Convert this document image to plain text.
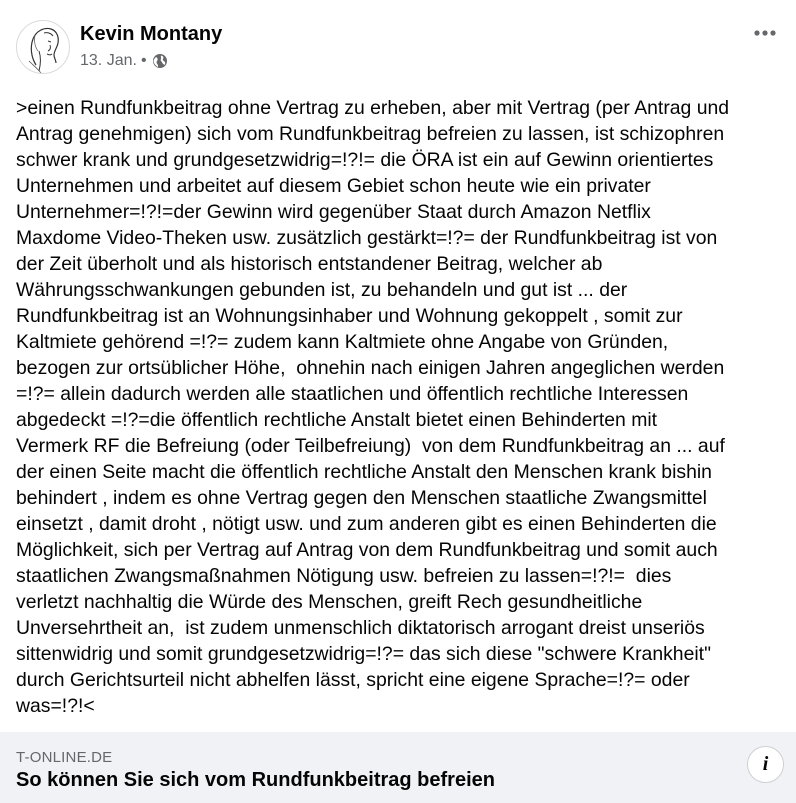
Kevin Montany
13. Jan. •
>einen Rundfunkbeitrag ohne Vertrag zu erheben, aber mit Vertrag (per Antrag und
Antrag genehmigen) sich vom Rundfunkbeitrag befreien zu lassen, ist schizophren
schwer krank und grundgesetzwidrig=!?!= die ÖRA ist ein auf Gewinn orientiertes
Unternehmen und arbeitet auf diesem Gebiet schon heute wie ein privater
Unternehmer=!?!=der Gewinn wird gegenüber Staat durch Amazon Netflix
Maxdome Video-Theken usw. zusätzlich gestärkt=!?= der Rundfunkbeitrag ist von
der Zeit überholt und als historisch entstandener Beitrag, welcher ab
Währungsschwankungen gebunden ist, zu behandeln und gut ist ... der
Rundfunkbeitrag ist an Wohnungsinhaber und Wohnung gekoppelt , somit zur
Kaltmiete gehörend =!?= zudem kann Kaltmiete ohne Angabe von Gründen,
bezogen zur ortsüblicher Höhe,  ohnehin nach einigen Jahren angeglichen werden
=!?= allein dadurch werden alle staatlichen und öffentlich rechtliche Interessen
abgedeckt =!?=die öffentlich rechtliche Anstalt bietet einen Behinderten mit
Vermerk RF die Befreiung (oder Teilbefreiung)  von dem Rundfunkbeitrag an ... auf
der einen Seite macht die öffentlich rechtliche Anstalt den Menschen krank bishin
behindert , indem es ohne Vertrag gegen den Menschen staatliche Zwangsmittel
einsetzt , damit droht , nötigt usw. und zum anderen gibt es einen Behinderten die
Möglichkeit, sich per Vertrag auf Antrag von dem Rundfunkbeitrag und somit auch
staatlichen Zwangsmaßnahmen Nötigung usw. befreien zu lassen=!?!=  dies
verletzt nachhaltig die Würde des Menschen, greift Rech gesundheitliche
Unversehrtheit an,  ist zudem unmenschlich diktatorisch arrogant dreist unseriös
sittenwidrig und somit grundgesetzwidrig=!?= das sich diese "schwere Krankheit"
durch Gerichtsurteil nicht abhelfen lässt, spricht eine eigene Sprache=!?= oder
was=!?!<
T-ONLINE.DE
So können Sie sich vom Rundfunkbeitrag befreien
i
